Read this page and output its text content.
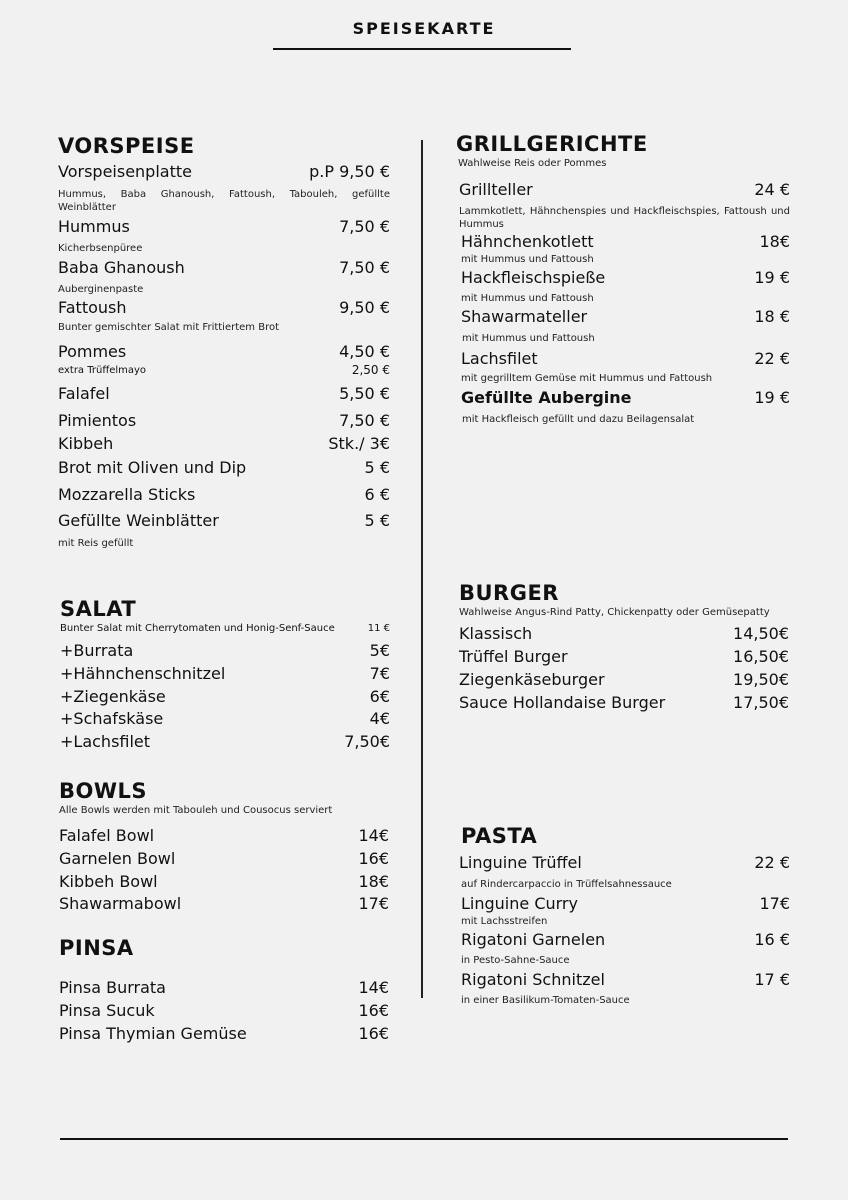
SPEISEKARTE
VORSPEISE
Vorspeisenplatte	p.P 9,50 €
Hummus, Baba Ghanoush, Fattoush, Tabouleh, gefüllte Weinblätter
Hummus	7,50 €
Kicherbsenpüree
Baba Ghanoush	7,50 €
Auberginenpaste
Fattoush	9,50 €
Bunter gemischter Salat mit Frittiertem Brot
Pommes	4,50 €
extra Trüffelmayo	2,50 €
Falafel	5,50 €
Pimientos	7,50 €
Kibbeh	Stk./ 3€
Brot mit Oliven und Dip	5 €
Mozzarella Sticks	6 €
Gefüllte Weinblätter	5 €
mit Reis gefüllt
SALAT
Bunter Salat mit Cherrytomaten und Honig-Senf-Sauce	11 €
+Burrata	5€
+Hähnchenschnitzel	7€
+Ziegenkäse	6€
+Schafskäse	4€
+Lachsfilet	7,50€
BOWLS
Alle Bowls werden mit Tabouleh und Cousocus serviert
Falafel Bowl	14€
Garnelen Bowl	16€
Kibbeh Bowl	18€
Shawarmabowl	17€
PINSA
Pinsa Burrata	14€
Pinsa Sucuk	16€
Pinsa Thymian Gemüse	16€
GRILLGERICHTE
Wahlweise Reis oder Pommes
Grillteller	24 €
Lammkotlett, Hähnchenspies und Hackfleischspies, Fattoush und Hummus
Hähnchenkotlett	18€
mit Hummus und Fattoush
Hackfleischspieße	19 €
mit Hummus und Fattoush
Shawarmateller	18 €
mit Hummus und Fattoush
Lachsfilet	22 €
mit gegrilltem Gemüse mit Hummus und Fattoush
Gefüllte Aubergine	19 €
mit Hackfleisch gefüllt und dazu Beilagensalat
BURGER
Wahlweise Angus-Rind Patty, Chickenpatty oder Gemüsepatty
Klassisch	14,50€
Trüffel Burger	16,50€
Ziegenkäseburger	19,50€
Sauce Hollandaise Burger	17,50€
PASTA
Linguine Trüffel	22 €
auf Rindercarpaccio in Trüffelsahnessauce
Linguine Curry	17€
mit Lachsstreifen
Rigatoni Garnelen	16 €
in Pesto-Sahne-Sauce
Rigatoni Schnitzel	17 €
in einer Basilikum-Tomaten-Sauce
